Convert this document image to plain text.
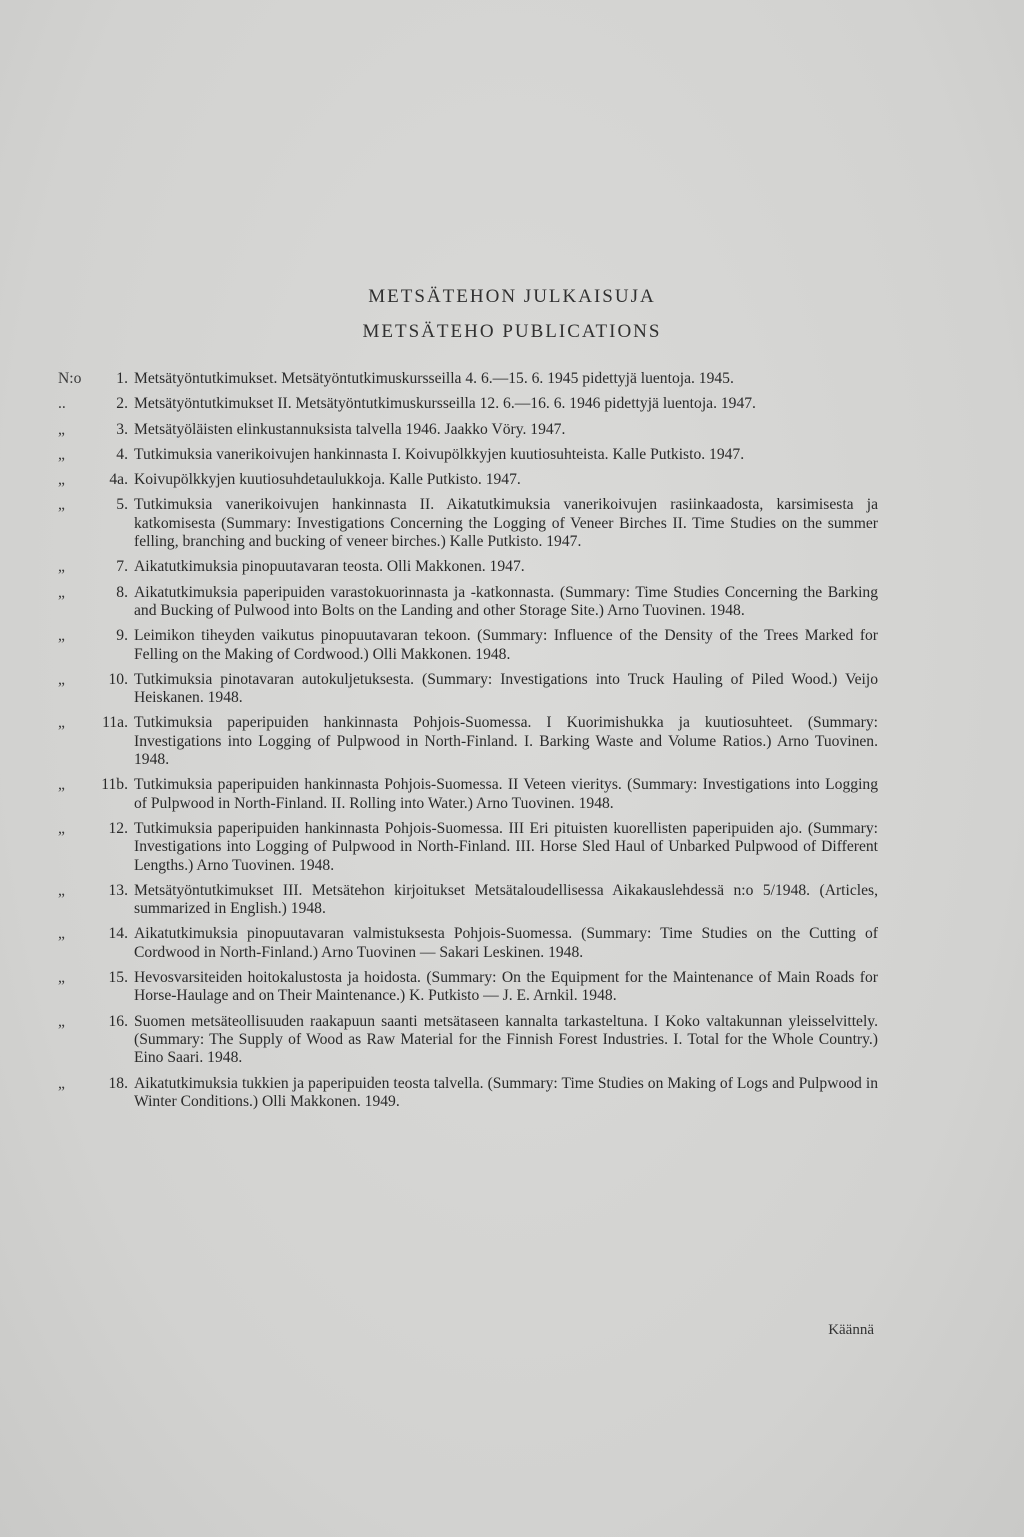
METSÄTEHON JULKAISUJA
METSÄTEHO PUBLICATIONS
N:o	1. Metsätyöntutkimukset. Metsätyöntutkimuskursseilla 4. 6.—15. 6. 1945 pidettyjä luentoja. 1945.
..	2. Metsätyöntutkimukset II. Metsätyöntutkimuskursseilla 12. 6.—16. 6. 1946 pidettyjä luentoja. 1947.
„	3. Metsätyöläisten elinkustannuksista talvella 1946. Jaakko Vöry. 1947.
„	4. Tutkimuksia vanerikoivujen hankinnasta I. Koivupölkkyjen kuutiosuhteista. Kalle Putkisto. 1947.
„	4a. Koivupölkkyjen kuutiosuhdetaulukkoja. Kalle Putkisto. 1947.
„	5. Tutkimuksia vanerikoivujen hankinnasta II. Aikatutkimuksia vanerikoivujen rasiinkaadosta, karsimisesta ja katkomisesta (Summary: Investigations Concerning the Logging of Veneer Birches II. Time Studies on the summer felling, branching and bucking of veneer birches.) Kalle Putkisto. 1947.
„	7. Aikatutkimuksia pinopuutavaran teosta. Olli Makkonen. 1947.
„	8. Aikatutkimuksia paperipuiden varastokuorinnasta ja -katkonnasta. (Summary: Time Studies Concerning the Barking and Bucking of Pulwood into Bolts on the Landing and other Storage Site.) Arno Tuovinen. 1948.
„	9. Leimikon tiheyden vaikutus pinopuutavaran tekoon. (Summary: Influence of the Density of the Trees Marked for Felling on the Making of Cordwood.) Olli Makkonen. 1948.
„	10. Tutkimuksia pinotavaran autokuljetuksesta. (Summary: Investigations into Truck Hauling of Piled Wood.) Veijo Heiskanen. 1948.
„	11a. Tutkimuksia paperipuiden hankinnasta Pohjois-Suomessa. I Kuorimishukka ja kuutiosuhteet. (Summary: Investigations into Logging of Pulpwood in North-Finland. I. Barking Waste and Volume Ratios.) Arno Tuovinen. 1948.
„	11b. Tutkimuksia paperipuiden hankinnasta Pohjois-Suomessa. II Veteen vieritys. (Summary: Investigations into Logging of Pulpwood in North-Finland. II. Rolling into Water.) Arno Tuovinen. 1948.
„	12. Tutkimuksia paperipuiden hankinnasta Pohjois-Suomessa. III Eri pituisten kuorellisten paperipuiden ajo. (Summary: Investigations into Logging of Pulpwood in North-Finland. III. Horse Sled Haul of Unbarked Pulpwood of Different Lengths.) Arno Tuovinen. 1948.
„	13. Metsätyöntutkimukset III. Metsätehon kirjoitukset Metsätaloudellisessa Aikakauslehdessä n:o 5/1948. (Articles, summarized in English.) 1948.
„	14. Aikatutkimuksia pinopuutavaran valmistuksesta Pohjois-Suomessa. (Summary: Time Studies on the Cutting of Cordwood in North-Finland.) Arno Tuovinen — Sakari Leskinen. 1948.
„	15. Hevosvarsiteiden hoitokalustosta ja hoidosta. (Summary: On the Equipment for the Maintenance of Main Roads for Horse-Haulage and on Their Maintenance.) K. Putkisto — J. E. Arnkil. 1948.
„	16. Suomen metsäteollisuuden raakapuun saanti metsätaseen kannalta tarkasteltuna. I Koko valtakunnan yleisselvittely. (Summary: The Supply of Wood as Raw Material for the Finnish Forest Industries. I. Total for the Whole Country.) Eino Saari. 1948.
„	18. Aikatutkimuksia tukkien ja paperipuiden teosta talvella. (Summary: Time Studies on Making of Logs and Pulpwood in Winter Conditions.) Olli Makkonen. 1949.
Käännä
